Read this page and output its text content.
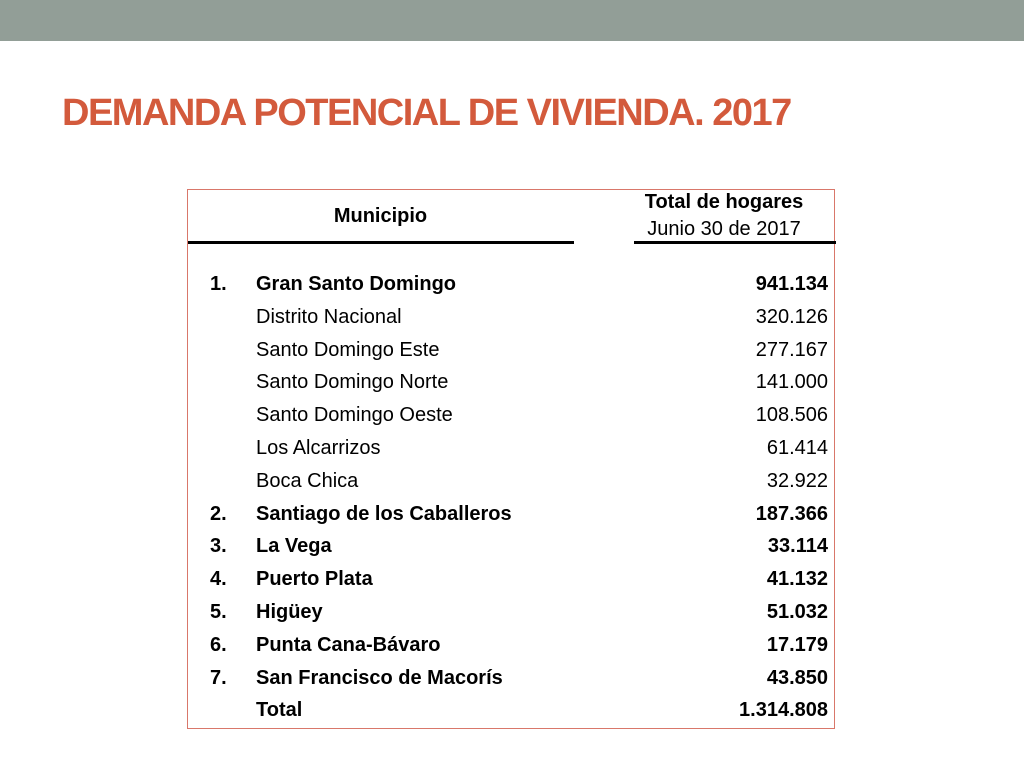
DEMANDA POTENCIAL DE VIVIENDA. 2017
Municipio
Total de hogares
Junio 30 de 2017
1. Gran Santo Domingo	941.134
Distrito Nacional	320.126
Santo Domingo Este	277.167
Santo Domingo Norte	141.000
Santo Domingo Oeste	108.506
Los Alcarrizos	61.414
Boca Chica	32.922
2. Santiago de los Caballeros	187.366
3. La Vega	33.114
4. Puerto Plata	41.132
5. Higüey	51.032
6. Punta Cana-Bávaro	17.179
7. San Francisco de Macorís	43.850
Total	1.314.808
